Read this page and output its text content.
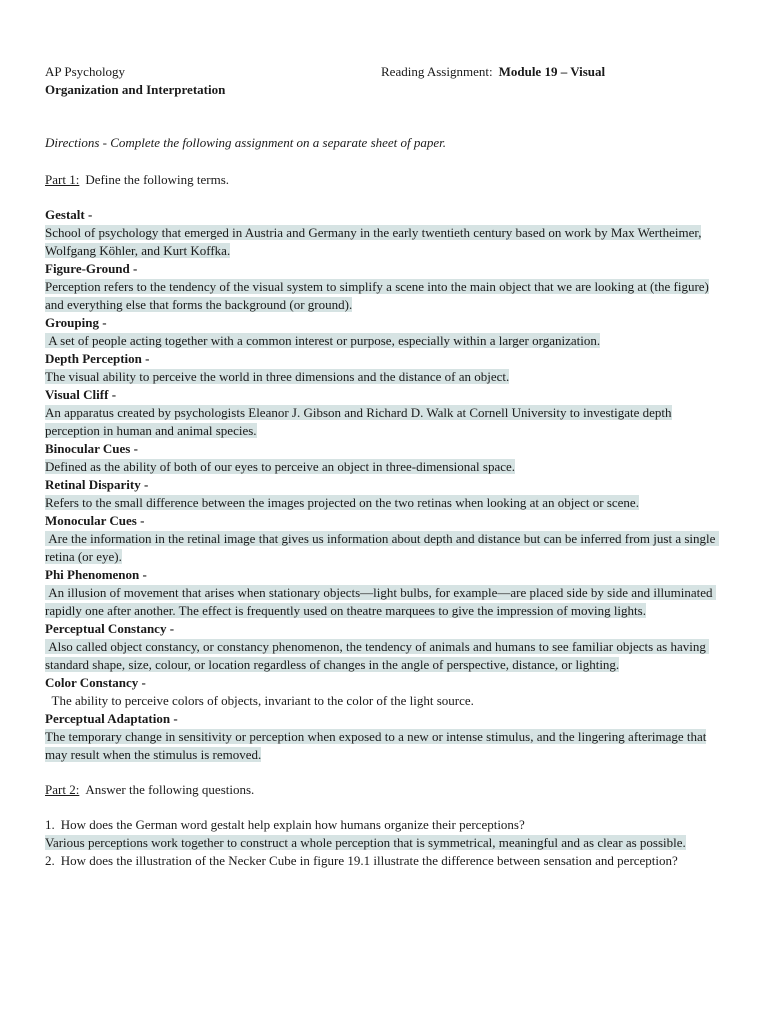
AP Psychology	Reading Assignment: Module 19 – Visual
Organization and Interpretation
Directions - Complete the following assignment on a separate sheet of paper.
Part 1: Define the following terms.
Gestalt -
School of psychology that emerged in Austria and Germany in the early twentieth century based on work by Max Wertheimer, Wolfgang Köhler, and Kurt Koffka.
Figure-Ground -
Perception refers to the tendency of the visual system to simplify a scene into the main object that we are looking at (the figure) and everything else that forms the background (or ground).
Grouping -
A set of people acting together with a common interest or purpose, especially within a larger organization.
Depth Perception -
The visual ability to perceive the world in three dimensions and the distance of an object.
Visual Cliff -
An apparatus created by psychologists Eleanor J. Gibson and Richard D. Walk at Cornell University to investigate depth perception in human and animal species.
Binocular Cues -
Defined as the ability of both of our eyes to perceive an object in three-dimensional space.
Retinal Disparity -
Refers to the small difference between the images projected on the two retinas when looking at an object or scene.
Monocular Cues -
Are the information in the retinal image that gives us information about depth and distance but can be inferred from just a single retina (or eye).
Phi Phenomenon -
An illusion of movement that arises when stationary objects—light bulbs, for example—are placed side by side and illuminated rapidly one after another. The effect is frequently used on theatre marquees to give the impression of moving lights.
Perceptual Constancy -
Also called object constancy, or constancy phenomenon, the tendency of animals and humans to see familiar objects as having standard shape, size, colour, or location regardless of changes in the angle of perspective, distance, or lighting.
Color Constancy -
The ability to perceive colors of objects, invariant to the color of the light source.
Perceptual Adaptation -
The temporary change in sensitivity or perception when exposed to a new or intense stimulus, and the lingering afterimage that may result when the stimulus is removed.
Part 2: Answer the following questions.
1. How does the German word gestalt help explain how humans organize their perceptions?
Various perceptions work together to construct a whole perception that is symmetrical, meaningful and as clear as possible.
2. How does the illustration of the Necker Cube in figure 19.1 illustrate the difference between sensation and perception?
